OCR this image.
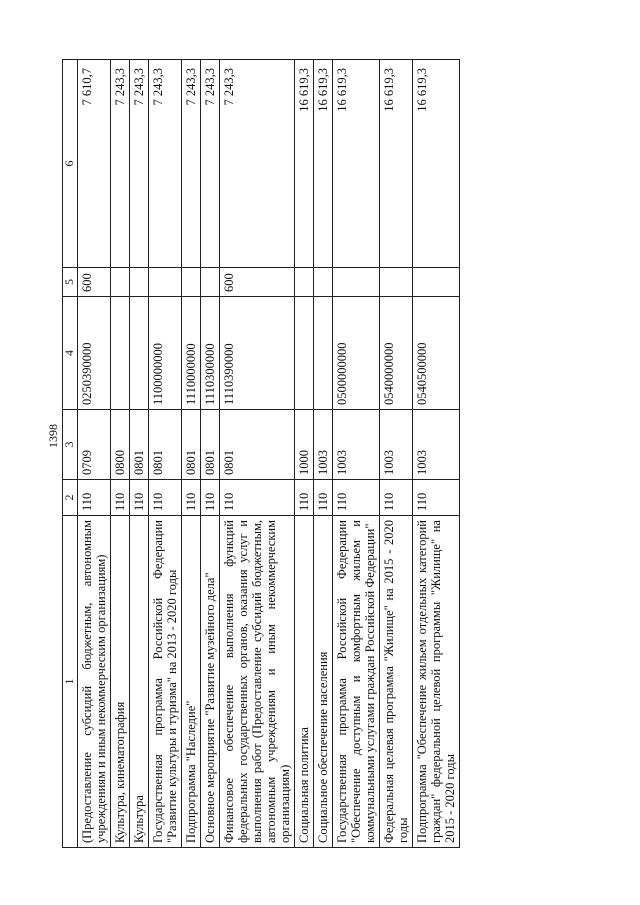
1398
1	2	3	4	5	6
(Предоставление субсидий бюджетным, автономным учреждениям и иным некоммерческим организациям)	110	0709	0250390000	600	7 610,7
Культура, кинематография	110	0800			7 243,3
Культура	110	0801			7 243,3
Государственная программа Российской Федерации "Развитие культуры и туризма" на 2013 - 2020 годы	110	0801	1100000000		7 243,3
Подпрограмма "Наследие"	110	0801	1110000000		7 243,3
Основное мероприятие "Развитие музейного дела"	110	0801	1110300000		7 243,3
Финансовое обеспечение выполнения функций федеральных государственных органов, оказания услуг и выполнения работ (Предоставление субсидий бюджетным, автономным учреждениям и иным некоммерческим организациям)	110	0801	1110390000	600	7 243,3
Социальная политика	110	1000			16 619,3
Социальное обеспечение населения	110	1003			16 619,3
Государственная программа Российской Федерации "Обеспечение доступным и комфортным жильем и коммунальными услугами граждан Российской Федерации"	110	1003	0500000000		16 619,3
Федеральная целевая программа "Жилище" на 2015 - 2020 годы	110	1003	0540000000		16 619,3
Подпрограмма "Обеспечение жильем отдельных категорий граждан" федеральной целевой программы "Жилище" на 2015 - 2020 годы	110	1003	0540500000		16 619,3
